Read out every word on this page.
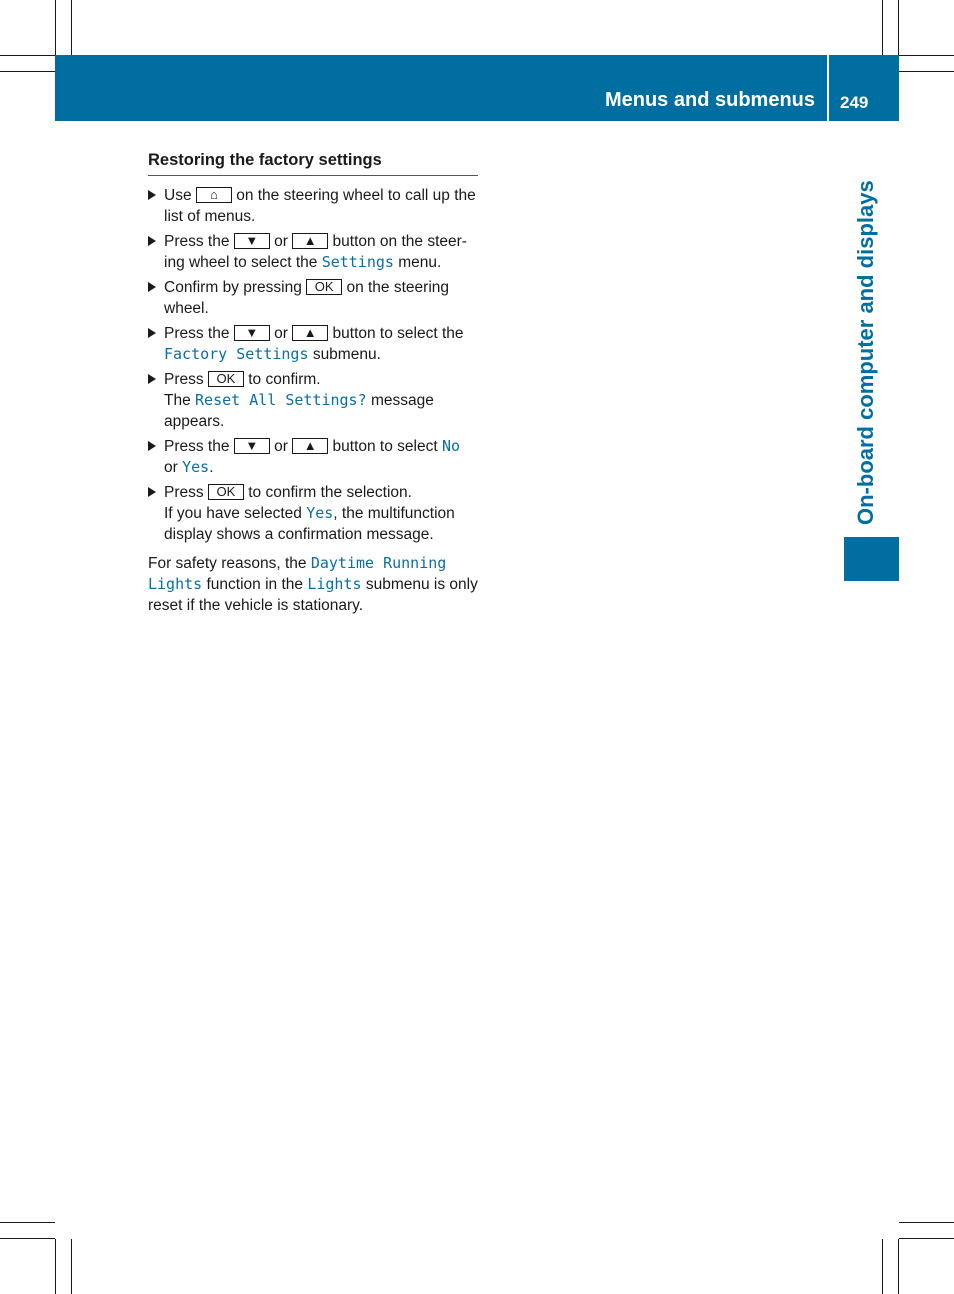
Menus and submenus 249
On-board computer and displays
Restoring the factory settings
Use ⌂ on the steering wheel to call up the list of menus.
Press the ▼ or ▲ button on the steering wheel to select the Settings menu.
Confirm by pressing OK on the steering wheel.
Press the ▼ or ▲ button to select the Factory Settings submenu.
Press OK to confirm.
The Reset All Settings? message appears.
Press the ▼ or ▲ button to select No or Yes.
Press OK to confirm the selection.
If you have selected Yes, the multifunction display shows a confirmation message.
For safety reasons, the Daytime Running Lights function in the Lights submenu is only reset if the vehicle is stationary.
